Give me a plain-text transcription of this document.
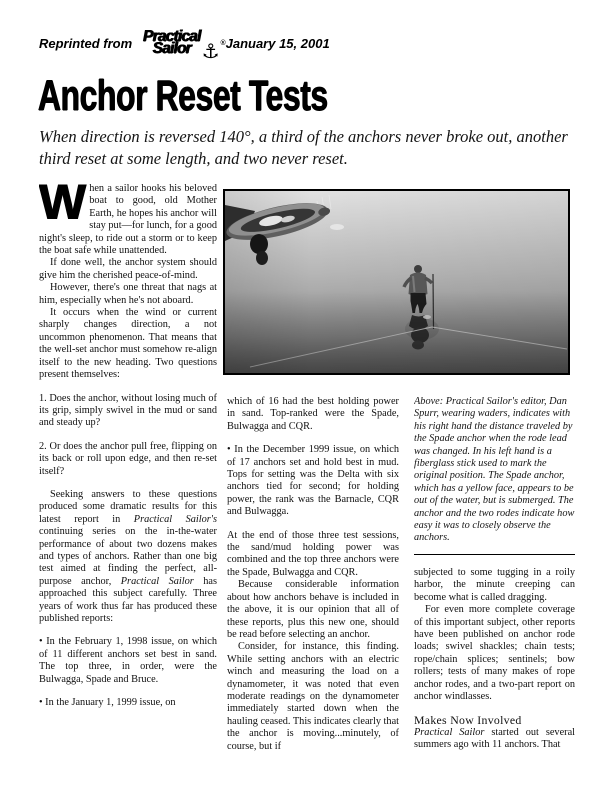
Reprinted from Practical
Sailor ⚓ ® January 15, 2001
Anchor Reset Tests

When direction is reversed 140°, a third of the anchors never broke out, another third reset at some length, and two never reset.

When a sailor hooks his beloved boat to good, old Mother Earth, he hopes his anchor will stay put—for lunch, for a good night's sleep, to ride out a storm or to keep the boat safe while unattended.

If done well, the anchor system should give him the cherished peace-of-mind.

However, there's one threat that nags at him, especially when he's not aboard.

It occurs when the wind or current sharply changes direction, a not uncommon phenomenon. That means that the well-set anchor must somehow re-align itself to the new heading. Two questions present themselves:

1. Does the anchor, without losing much of its grip, simply swivel in the mud or sand and steady up?

2. Or does the anchor pull free, flipping on its back or roll upon edge, and then re-set itself?

Seeking answers to these questions produced some dramatic results for this latest report in Practical Sailor's continuing series on the in-the-water performance of about two dozens makes and types of anchors. Rather than one big test aimed at finding the perfect, all-purpose anchor, Practical Sailor has approached this subject carefully. Three years of work thus far has produced these published reports:

• In the February 1, 1998 issue, on which of 11 different anchors set best in sand. The top three, in order, were the Bulwagga, Spade and Bruce.

• In the January 1, 1999 issue, on

which of 16 had the best holding power in sand. Top-ranked were the Spade, Bulwagga and CQR.

• In the December 1999 issue, on which of 17 anchors set and hold best in mud. Tops for setting was the Delta with six anchors tied for second; for holding power, the rank was the Barnacle, CQR and Bulwagga.

At the end of those three test sessions, the sand/mud holding power was combined and the top three anchors were the Spade, Bulwagga and CQR.

Because considerable information about how anchors behave is included in the above, it is our opinion that all of these reports, plus this new one, should be read before selecting an anchor.

Consider, for instance, this finding. While setting anchors with an electric winch and measuring the load on a dynamometer, it was noted that even moderate readings on the dynamometer immediately started down when the hauling ceased. This indicates clearly that the anchor is moving...minutely, of course, but if

Above: Practical Sailor's editor, Dan Spurr, wearing waders, indicates with his right hand the distance traveled by the Spade anchor when the rode lead was changed. In his left hand is a fiberglass stick used to mark the original position. The Spade anchor, which has a yellow face, appears to be out of the water, but is submerged. The anchor and the two rodes indicate how easy it was to closely observe the anchors.

subjected to some tugging in a roily harbor, the minute creeping can become what is called dragging.

For even more complete coverage of this important subject, other reports have been published on anchor rode loads; swivel shackles; chain tests; rope/chain splices; sentinels; bow rollers; tests of many makes of rope anchor rodes, and a two-part report on anchor windlasses.

Makes Now Involved

Practical Sailor started out several summers ago with 11 anchors. That
